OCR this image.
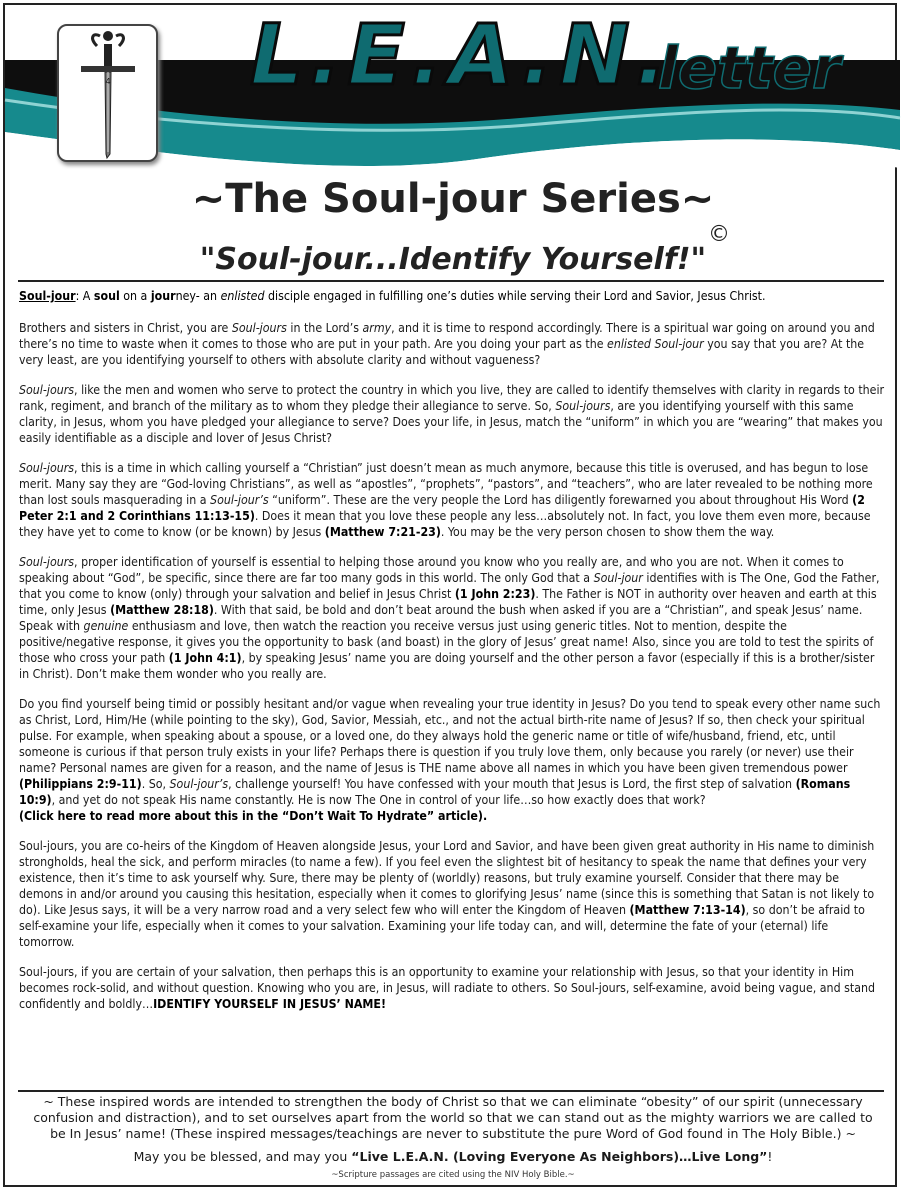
4 L.E.A.N.
letter
~The Soul-jour Series~
©
"Soul-jour...Identify Yourself!"

Soul-jour: A soul on a journey- an enlisted disciple engaged in fulfilling one’s duties while serving their Lord and Savior, Jesus Christ.

Brothers and sisters in Christ, you are Soul-jours in the Lord’s army, and it is time to respond accordingly. There is a spiritual war going on around you and there’s no time to waste when it comes to those who are put in your path. Are you doing your part as the enlisted Soul-jour you say that you are? At the very least, are you identifying yourself to others with absolute clarity and without vagueness?

Soul-jours, like the men and women who serve to protect the country in which you live, they are called to identify themselves with clarity in regards to their rank, regiment, and branch of the military as to whom they pledge their allegiance to serve. So, Soul-jours, are you identifying yourself with this same clarity, in Jesus, whom you have pledged your allegiance to serve? Does your life, in Jesus, match the “uniform” in which you are “wearing” that makes you easily identifiable as a disciple and lover of Jesus Christ?

Soul-jours, this is a time in which calling yourself a “Christian” just doesn’t mean as much anymore, because this title is overused, and has begun to lose merit. Many say they are “God-loving Christians”, as well as “apostles”, “prophets”, “pastors”, and “teachers”, who are later revealed to be nothing more than lost souls masquerading in a Soul-jour’s “uniform”. These are the very people the Lord has diligently forewarned you about throughout His Word (2 Peter 2:1 and 2 Corinthians 11:13-15). Does it mean that you love these people any less…absolutely not. In fact, you love them even more, because they have yet to come to know (or be known) by Jesus (Matthew 7:21-23). You may be the very person chosen to show them the way.

Soul-jours, proper identification of yourself is essential to helping those around you know who you really are, and who you are not. When it comes to speaking about “God”, be specific, since there are far too many gods in this world. The only God that a Soul-jour identifies with is The One, God the Father, that you come to know (only) through your salvation and belief in Jesus Christ (1 John 2:23). The Father is NOT in authority over heaven and earth at this time, only Jesus (Matthew 28:18). With that said, be bold and don’t beat around the bush when asked if you are a “Christian”, and speak Jesus’ name. Speak with genuine enthusiasm and love, then watch the reaction you receive versus just using generic titles. Not to mention, despite the positive/negative response, it gives you the opportunity to bask (and boast) in the glory of Jesus’ great name! Also, since you are told to test the spirits of those who cross your path (1 John 4:1), by speaking Jesus’ name you are doing yourself and the other person a favor (especially if this is a brother/sister in Christ). Don’t make them wonder who you really are.

Do you find yourself being timid or possibly hesitant and/or vague when revealing your true identity in Jesus? Do you tend to speak every other name such as Christ, Lord, Him/He (while pointing to the sky), God, Savior, Messiah, etc., and not the actual birth-rite name of Jesus? If so, then check your spiritual pulse. For example, when speaking about a spouse, or a loved one, do they always hold the generic name or title of wife/husband, friend, etc, until someone is curious if that person truly exists in your life? Perhaps there is question if you truly love them, only because you rarely (or never) use their name? Personal names are given for a reason, and the name of Jesus is THE name above all names in which you have been given tremendous power (Philippians 2:9-11). So, Soul-jour’s, challenge yourself! You have confessed with your mouth that Jesus is Lord, the first step of salvation (Romans 10:9), and yet do not speak His name constantly. He is now The One in control of your life…so how exactly does that work?
(Click here to read more about this in the “Don’t Wait To Hydrate” article).

Soul-jours, you are co-heirs of the Kingdom of Heaven alongside Jesus, your Lord and Savior, and have been given great authority in His name to diminish strongholds, heal the sick, and perform miracles (to name a few). If you feel even the slightest bit of hesitancy to speak the name that defines your very existence, then it’s time to ask yourself why. Sure, there may be plenty of (worldly) reasons, but truly examine yourself. Consider that there may be demons in and/or around you causing this hesitation, especially when it comes to glorifying Jesus’ name (since this is something that Satan is not likely to do). Like Jesus says, it will be a very narrow road and a very select few who will enter the Kingdom of Heaven (Matthew 7:13-14), so don’t be afraid to self-examine your life, especially when it comes to your salvation. Examining your life today can, and will, determine the fate of your (eternal) life tomorrow.

Soul-jours, if you are certain of your salvation, then perhaps this is an opportunity to examine your relationship with Jesus, so that your identity in Him becomes rock-solid, and without question. Knowing who you are, in Jesus, will radiate to others. So Soul-jours, self-examine, avoid being vague, and stand confidently and boldly…IDENTIFY YOURSELF IN JESUS’ NAME!

~ These inspired words are intended to strengthen the body of Christ so that we can eliminate “obesity” of our spirit (unnecessary confusion and distraction), and to set ourselves apart from the world so that we can stand out as the mighty warriors we are called to be In Jesus’ name! (These inspired messages/teachings are never to substitute the pure Word of God found in The Holy Bible.) ~
May you be blessed, and may you “Live L.E.A.N. (Loving Everyone As Neighbors)…Live Long”!
~Scripture passages are cited using the NIV Holy Bible.~
